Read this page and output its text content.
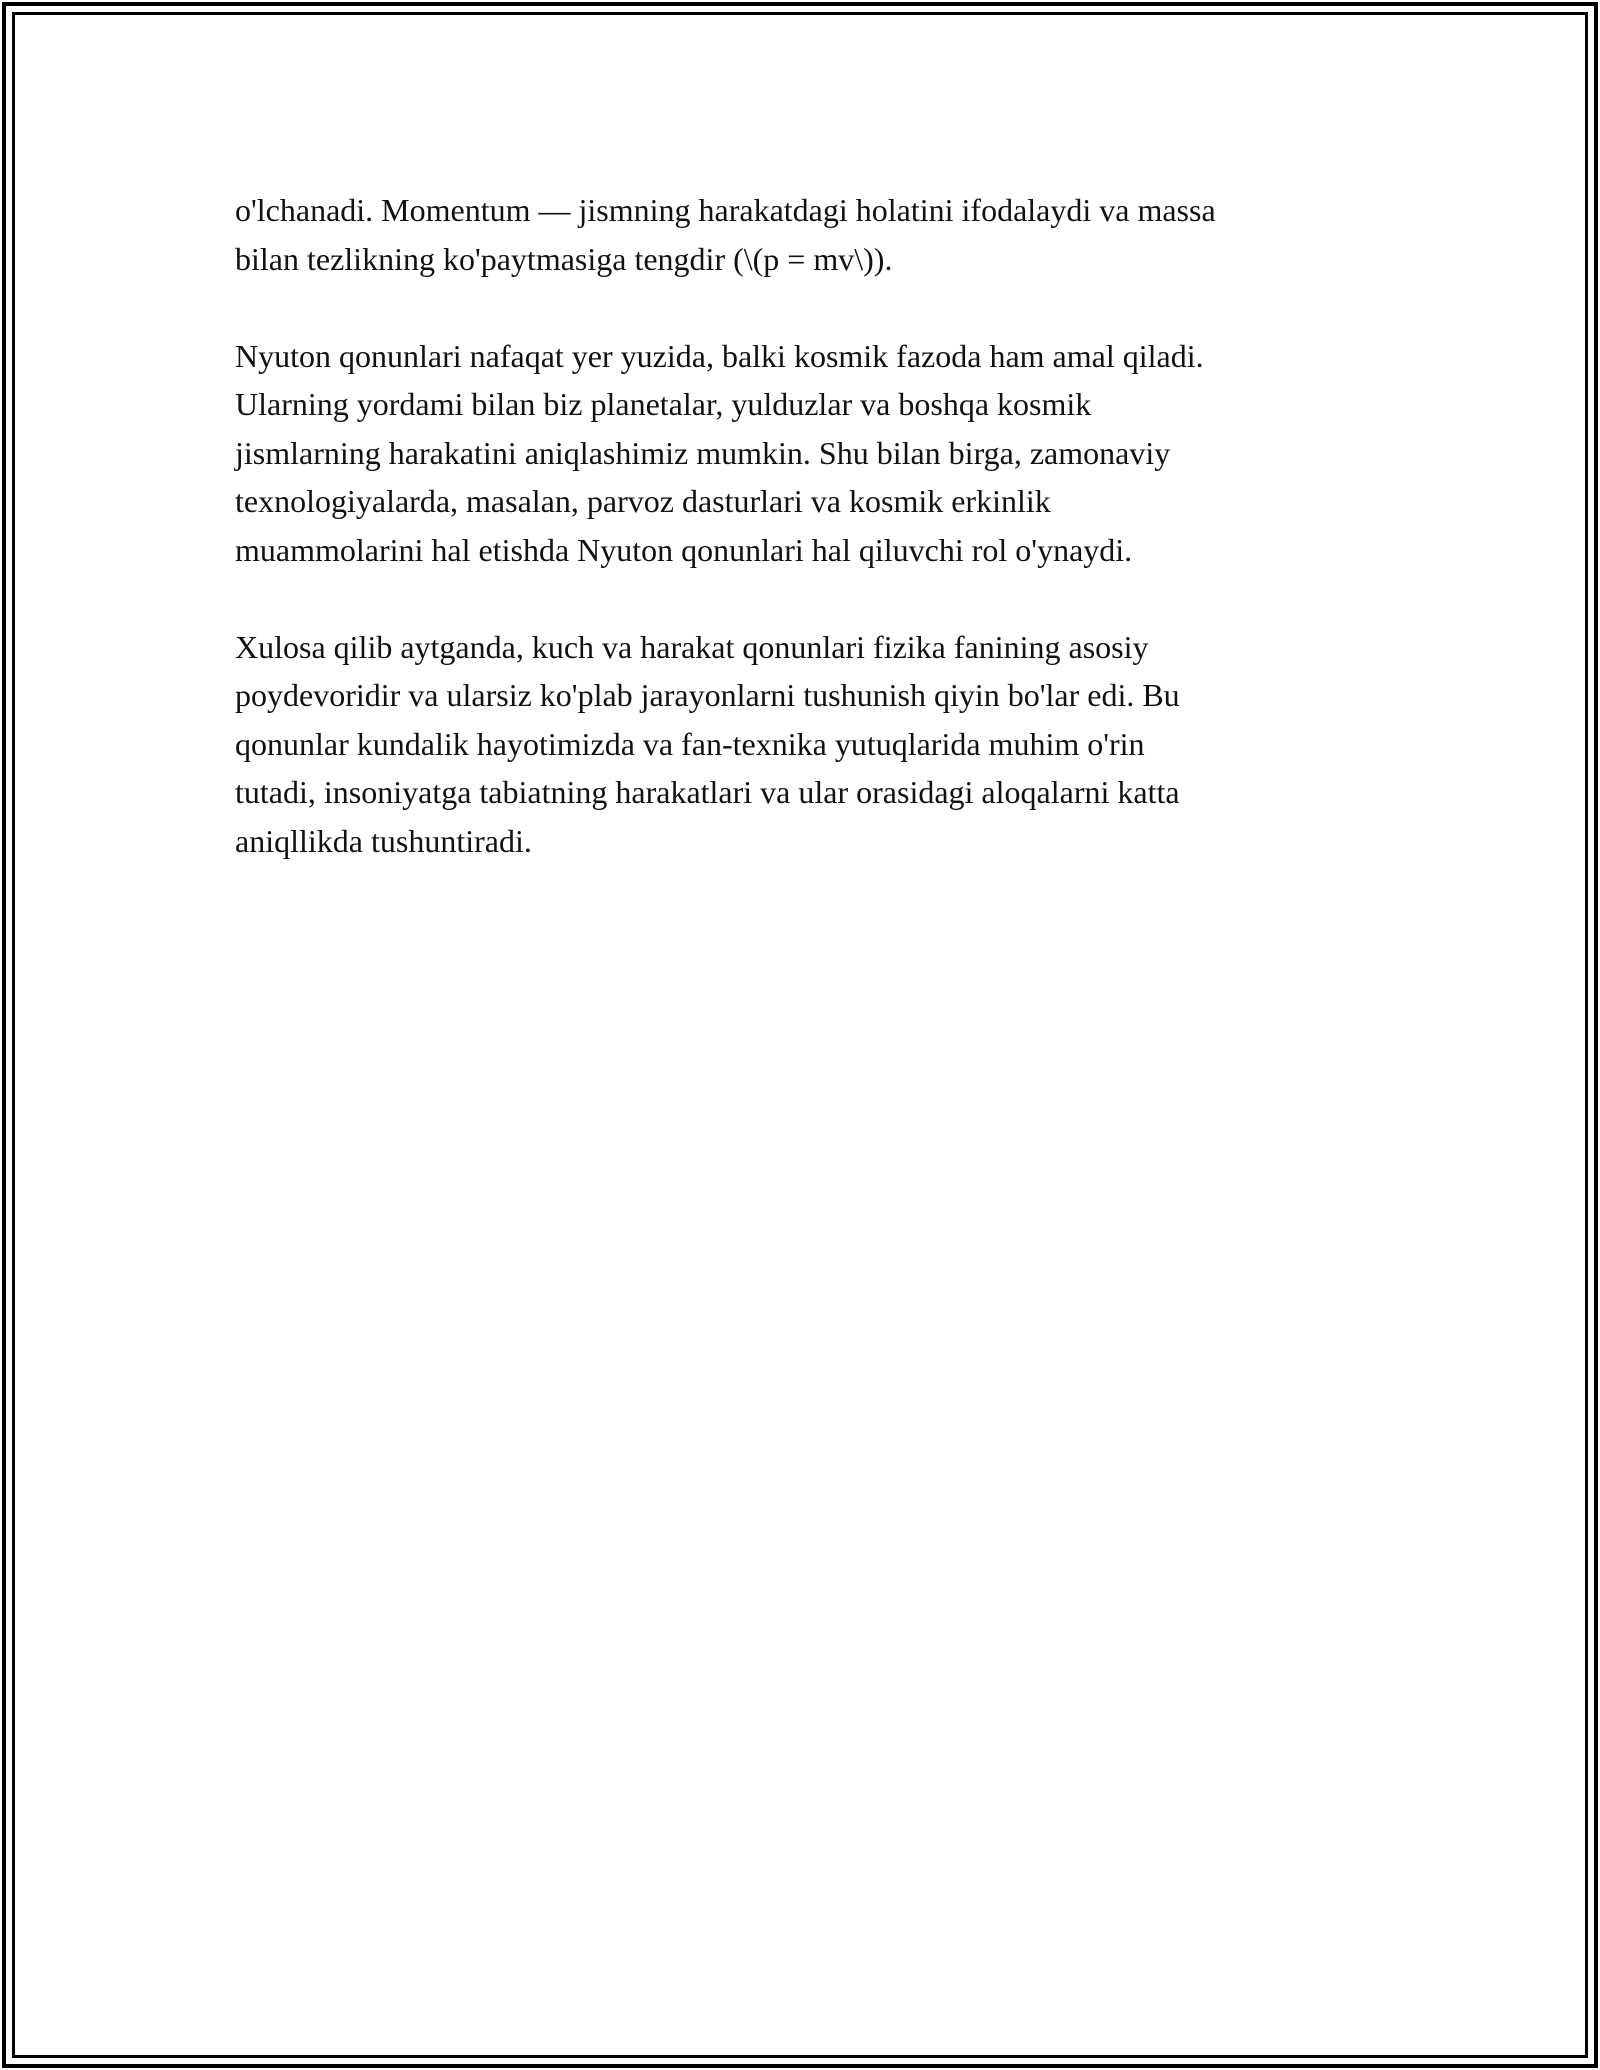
o'lchanadi. Momentum — jismning harakatdagi holatini ifodalaydi va massa
bilan tezlikning ko'paytmasiga tengdir (\(p = mv\)).

Nyuton qonunlari nafaqat yer yuzida, balki kosmik fazoda ham amal qiladi.
Ularning yordami bilan biz planetalar, yulduzlar va boshqa kosmik
jismlarning harakatini aniqlashimiz mumkin. Shu bilan birga, zamonaviy
texnologiyalarda, masalan, parvoz dasturlari va kosmik erkinlik
muammolarini hal etishda Nyuton qonunlari hal qiluvchi rol o'ynaydi.

Xulosa qilib aytganda, kuch va harakat qonunlari fizika fanining asosiy
poydevoridir va ularsiz ko'plab jarayonlarni tushunish qiyin bo'lar edi. Bu
qonunlar kundalik hayotimizda va fan-texnika yutuqlarida muhim o'rin
tutadi, insoniyatga tabiatning harakatlari va ular orasidagi aloqalarni katta
aniqllikda tushuntiradi.
